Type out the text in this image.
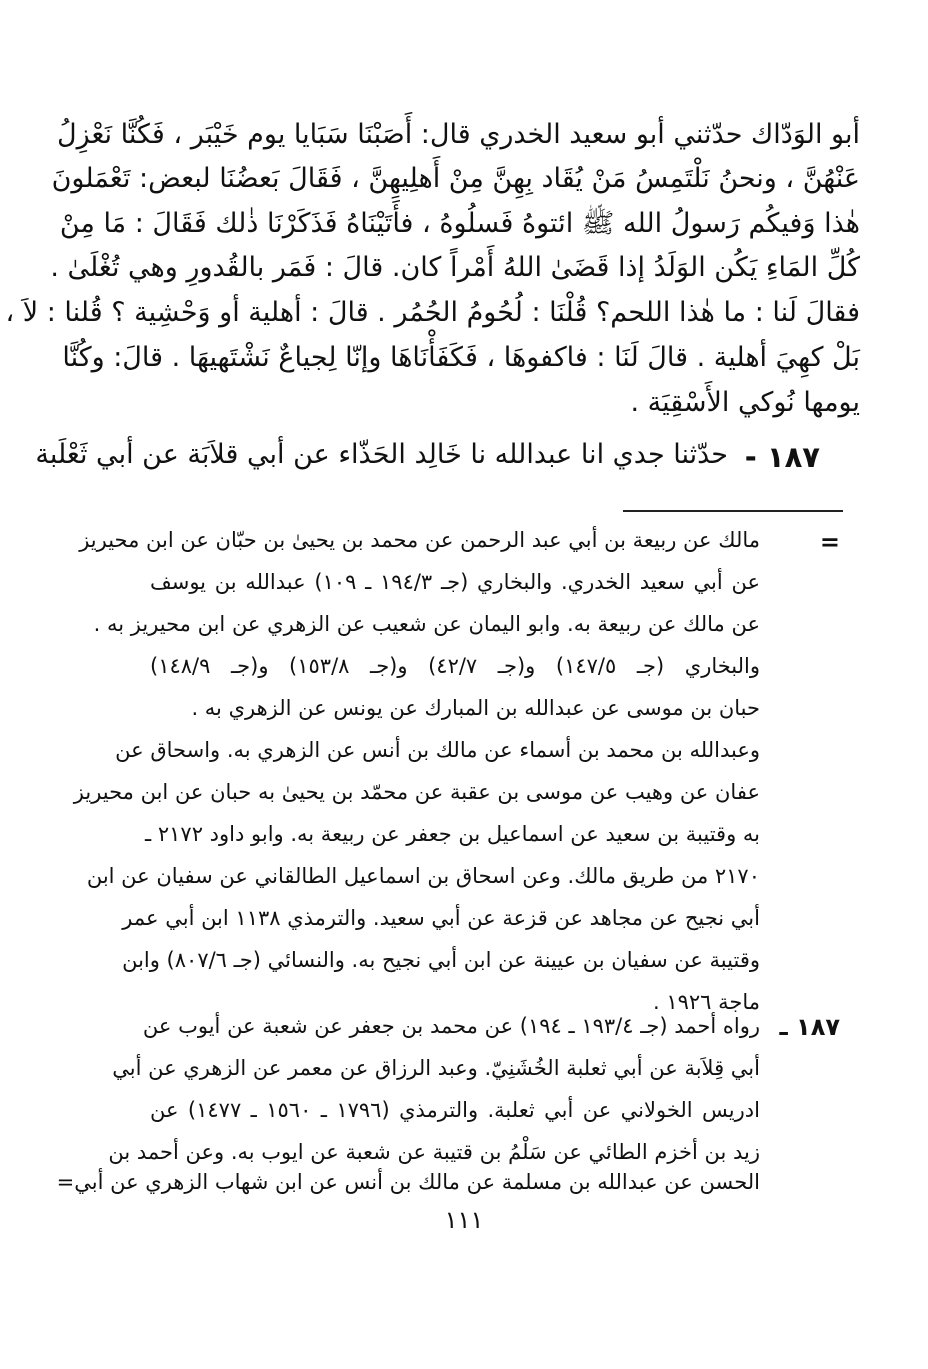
أبو الوَدّاك حدّثني أبو سعيد الخدري قال: أَصَبْنَا سَبَايا يوم خَيْبَر ، فَكُنَّا نَعْزِلُ
عَنْهُنَّ ، ونحنُ نَلْتَمِسُ مَنْ يُقَاد بِهِنَّ مِنْ أَهلِيهِنَّ ، فَقَالَ بَعضُنَا لبعض: تَعْمَلونَ
هٰذا وَفيكُم رَسولُ الله ﷺ ائتوهُ فَسلُوهُ ، فأَتَيْنَاهُ فَذَكَرْنَا ذٰلك فَقَالَ : مَا مِنْ
كُلِّ المَاءِ يَكُن الوَلَدُ إذا قَضَىٰ اللهُ أَمْراً كان. قالَ : فَمَر بالقُدورِ وهي تُغْلَىٰ .
فقالَ لَنا : ما هٰذا اللحم؟ قُلْنَا : لُحُومُ الحُمُر . قالَ : أهلية أو وَحْشِية ؟ قُلنا : لاَ ،
بَلْ كهِيَ أهلية . قالَ لَنَا : فاكفوهَا ، فَكَفَأْنَاهَا وإنّا لِجياعٌ نَشْتَهيهَا . قالَ: وكُنَّا
يومها نُوكي الأَسْقِيَة .
١٨٧ -
حدّثنا جدي انا عبدالله نا خَالِد الحَذّاء عن أبي قلاَبَة عن أبي ثَعْلَبة
=
مالك عن ربيعة بن أبي عبد الرحمن عن محمد بن يحيىٰ بن حبّان عن ابن محيريز
عن أبي سعيد الخدري. والبخاري (جـ ١٩٤/٣ ـ ١٠٩) عبدالله بن يوسف
عن مالك عن ربيعة به. وابو اليمان عن شعيب عن الزهري عن ابن محيريز به .
والبخاري (جـ ١٤٧/٥) و(جـ ٤٢/٧) و(جـ ١٥٣/٨) و(جـ ١٤٨/٩)
حبان بن موسى عن عبدالله بن المبارك عن يونس عن الزهري به .
وعبدالله بن محمد بن أسماء عن مالك بن أنس عن الزهري به. واسحاق عن
عفان عن وهيب عن موسى بن عقبة عن محمّد بن يحيىٰ به حبان عن ابن محيريز
به وقتيبة بن سعيد عن اسماعيل بن جعفر عن ربيعة به. وابو داود ٢١٧٢ ـ
٢١٧٠ من طريق مالك. وعن اسحاق بن اسماعيل الطالقاني عن سفيان عن ابن
أبي نجيح عن مجاهد عن قزعة عن أبي سعيد. والترمذي ١١٣٨ ابن أبي عمر
وقتيبة عن سفيان بن عيينة عن ابن أبي نجيح به. والنسائي (جـ ٨٠٧/٦) وابن
ماجة ١٩٢٦ .
١٨٧ ـ
رواه أحمد (جـ ١٩٣/٤ ـ ١٩٤) عن محمد بن جعفر عن شعبة عن أيوب عن
أبي قِلاَبة عن أبي ثعلبة الخُشَنِيّ. وعبد الرزاق عن معمر عن الزهري عن أبي
ادريس الخولاني عن أبي ثعلبة. والترمذي (١٧٩٦ ـ ١٥٦٠ ـ ١٤٧٧) عن
زيد بن أخزم الطائي عن سَلْمُ بن قتيبة عن شعبة عن ايوب به. وعن أحمد بن
الحسن عن عبدالله بن مسلمة عن مالك بن أنس عن ابن شهاب الزهري عن أبي=
١١١
